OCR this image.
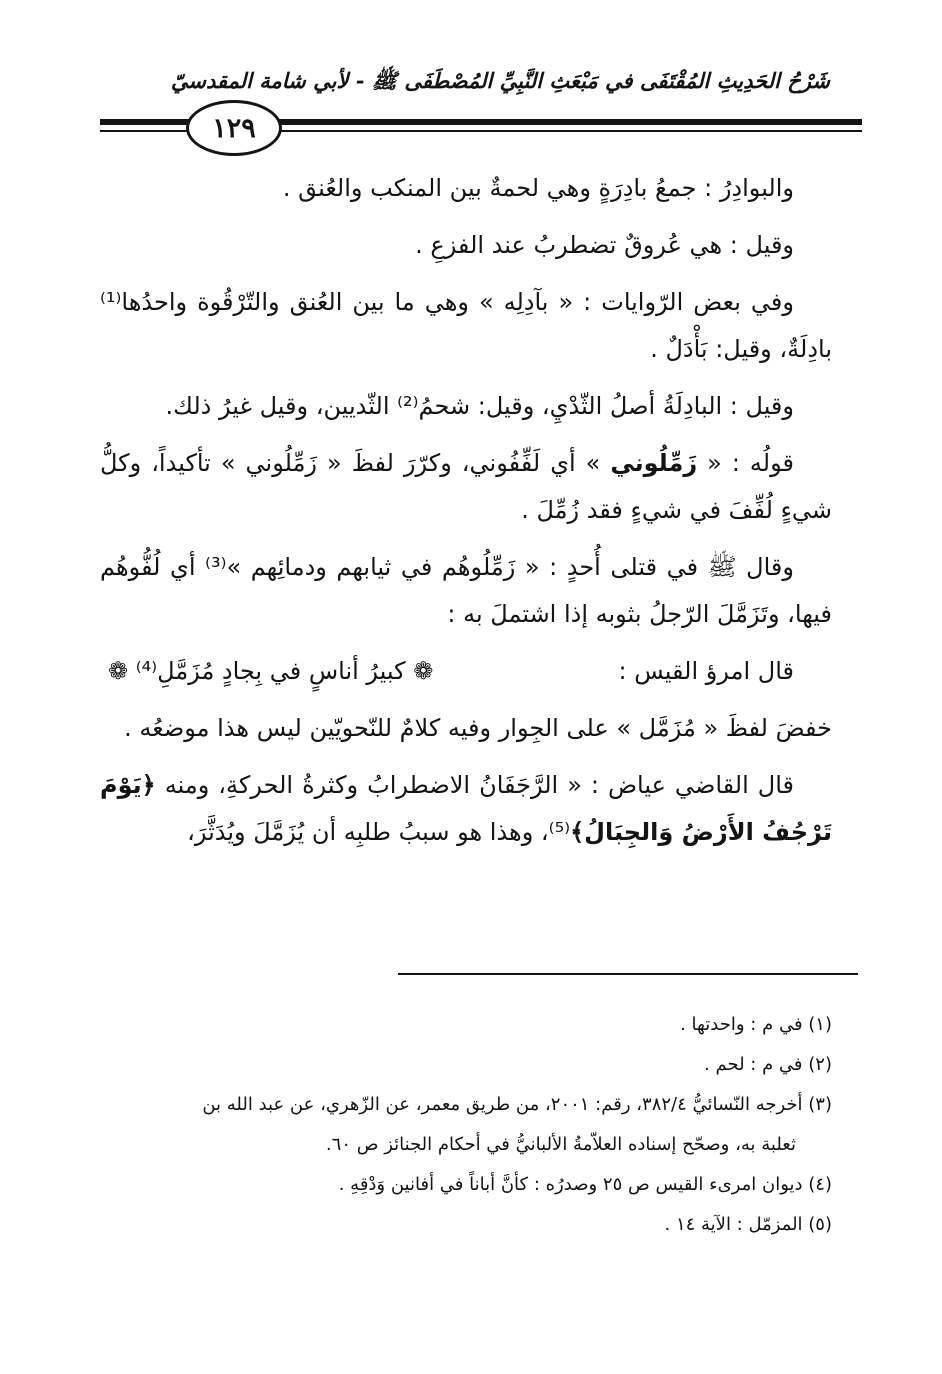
شَرْحُ الحَدِيثِ المُقْتَفَى في مَبْعَثِ النَّبِيِّ المُصْطَفَى ﷺ - لأبي شامة المقدسيّ
١٢٩

والبوادِرُ : جمعُ بادِرَةٍ وهي لحمةٌ بين المنكب والعُنق .

وقيل : هي عُروقٌ تضطربُ عند الفزعِ .

وفي بعض الرّوايات : « بآدِلِه » وهي ما بين العُنق والتّرْقُوة واحدُها⁽¹⁾ بادِلَةٌ، وقيل: بَأْدَلٌ .

وقيل : البادِلَةُ أصلُ الثّدْيِ، وقيل: شحمُ⁽²⁾ الثّديين، وقيل غيرُ ذلك.

قولُه : « زَمِّلُوني » أي لَفِّفُوني، وكرّرَ لفظَ « زَمِّلُوني » تأكيداً، وكلُّ شيءٍ لُفِّفَ في شيءٍ فقد زُمِّلَ .

وقال ﷺ في قتلى أُحدٍ : « زَمِّلُوهُم في ثيابهم ودمائِهم »⁽³⁾ أي لُفُّوهُم فيها، وتَزَمَّلَ الرّجلُ بثوبه إذا اشتملَ به :

قال امرؤ القيس :
❁ كبيرُ أناسٍ في بِجادٍ مُزَمَّلِ⁽⁴⁾ ❁

خفضَ لفظَ « مُزَمَّل » على الجِوار وفيه كلامٌ للنّحويّين ليس هذا موضعُه .

قال القاضي عياض : « الرَّجَفَانُ الاضطرابُ وكثرةُ الحركةِ، ومنه ﴿يَوْمَ تَرْجُفُ الأَرْضُ وَالجِبَالُ﴾⁽⁵⁾، وهذا هو سببُ طلبِه أن يُزَمَّلَ ويُدَثَّرَ،

(١) في م : واحدتها .

(٢) في م : لحم .

(٣) أخرجه النّسائيُّ ٣٨٢/٤، رقم: ٢٠٠١، من طريق معمر، عن الزّهري، عن عبد الله بن

ثعلبة به، وصحّح إسناده العلاّمةُ الألبانيُّ في أحكام الجنائز ص ٦٠.

(٤) ديوان امرىء القيس ص ٢٥ وصدرُه : كأنَّ أباناً في أفانين وَدْقِهِ .

(٥) المزمّل : الآية ١٤ .
